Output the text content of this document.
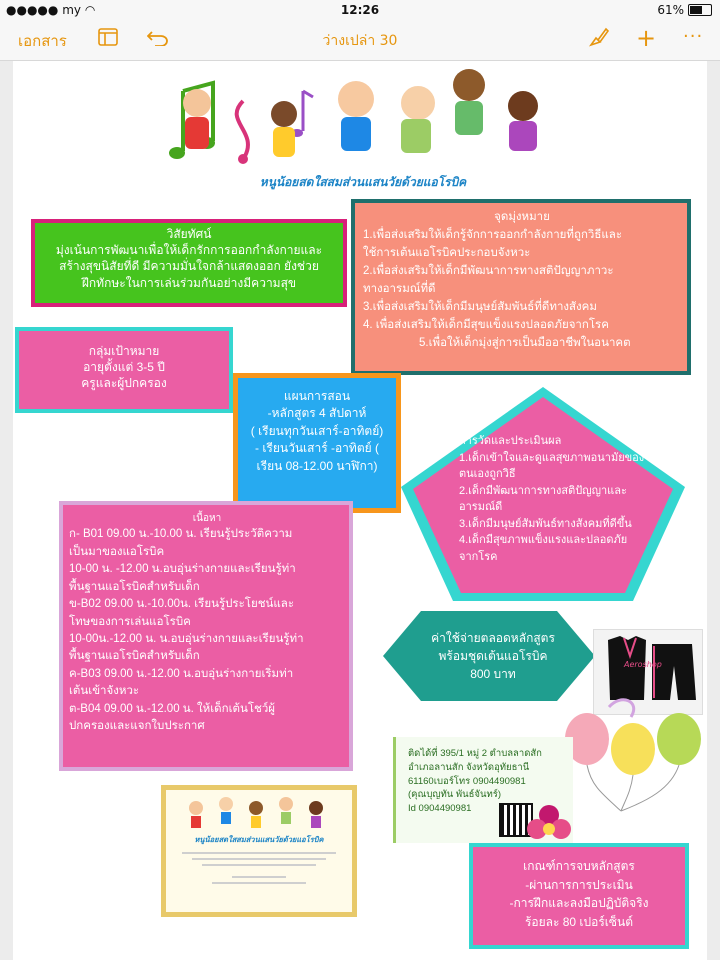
●●●●● my ◠	12:26	61%
เอกสาร	ว่างเปล่า 30	+ ···
หนูน้อยสดใสสมส่วนแสนวัยด้วยแอโรบิค
วิสัยทัศน์
มุ่งเน้นการพัฒนาเพื่อให้เด็กรักการออกกำลังกายและ
สร้างสุขนิสัยที่ดี มีความมั่นใจกล้าแสดงออก ยังช่วย
ฝึกทักษะในการเล่นร่วมกันอย่างมีความสุข
จุดมุ่งหมาย
1.เพื่อส่งเสริมให้เด็กรู้จักการออกกำลังกายที่ถูกวิธีและ
ใช้การเต้นแอโรบิคประกอบจังหวะ
2.เพื่อส่งเสริมให้เด็กมีพัฒนาการทางสติปัญญาภาวะ
ทางอารมณ์ที่ดี
3.เพื่อส่งเสริมให้เด็กมีมนุษย์สัมพันธ์ที่ดีทางสังคม
4. เพื่อส่งเสริมให้เด็กมีสุขแข็งแรงปลอดภัยจากโรค
5.เพื่อให้เด็กมุ่งสู่การเป็นมืออาชีพในอนาคต
กลุ่มเป้าหมาย
อายุตั้งแต่ 3-5 ปี
ครูและผู้ปกครอง
แผนการสอน
-หลักสูตร 4 สัปดาห์
( เรียนทุกวันเสาร์-อาทิตย์)
- เรียนวันเสาร์ -อาทิตย์ (
เรียน 08-12.00 นาฬิกา)
การวัดและประเมินผล
1.เด็กเข้าใจและดูแลสุขภาพอนามัยของ
ตนเองถูกวิธี
2.เด็กมีพัฒนาการทางสติปัญญาและ
อารมณ์ดี
3.เด็กมีมนุษย์สัมพันธ์ทางสังคมที่ดีขึ้น
4.เด็กมีสุขภาพแข็งแรงและปลอดภัย
จากโรค
เนื้อหา
ก- B01 09.00 น.-10.00 น. เรียนรู้ประวัติความ
เป็นมาของแอโรบิค
10-00 น. -12.00 น.อบอุ่นร่างกายและเรียนรู้ท่า
พื้นฐานแอโรบิคสำหรับเด็ก
ข-B02 09.00 น.-10.00น. เรียนรู้ประโยชน์และ
โทษของการเล่นแอโรบิค
10-00น.-12.00 น. น.อบอุ่นร่างกายและเรียนรู้ท่า
พื้นฐานแอโรบิคสำหรับเด็ก
ค-B03 09.00 น.-12.00 น.อบอุ่นร่างกายเริ่มท่า
เต้นเข้าจังหวะ
ต-B04 09.00 น.-12.00 น. ให้เด็กเต้นโชว์ผู้
ปกครองและแจกใบประกาศ
ค่าใช้จ่ายตลอดหลักสูตร
พร้อมชุดเต้นแอโรบิค
800 บาท
Aeroshop
ติดได้ที่ 395/1 หมู่ 2 ตำบลลาดสัก
อำเภอลานสัก จังหวัดอุทัยธานี
61160เบอร์โทร 0904490981
(คุณบุญทัน พันธ์จันทร์)
Id 0904490981
หนูน้อยสดใสสมส่วนแสนวัยด้วยแอโรบิค
เกณฑ์การจบหลักสูตร
-ผ่านการการประเมิน
-การฝึกและลงมือปฏิบัติจริง
ร้อยละ 80 เปอร์เซ็นต์
